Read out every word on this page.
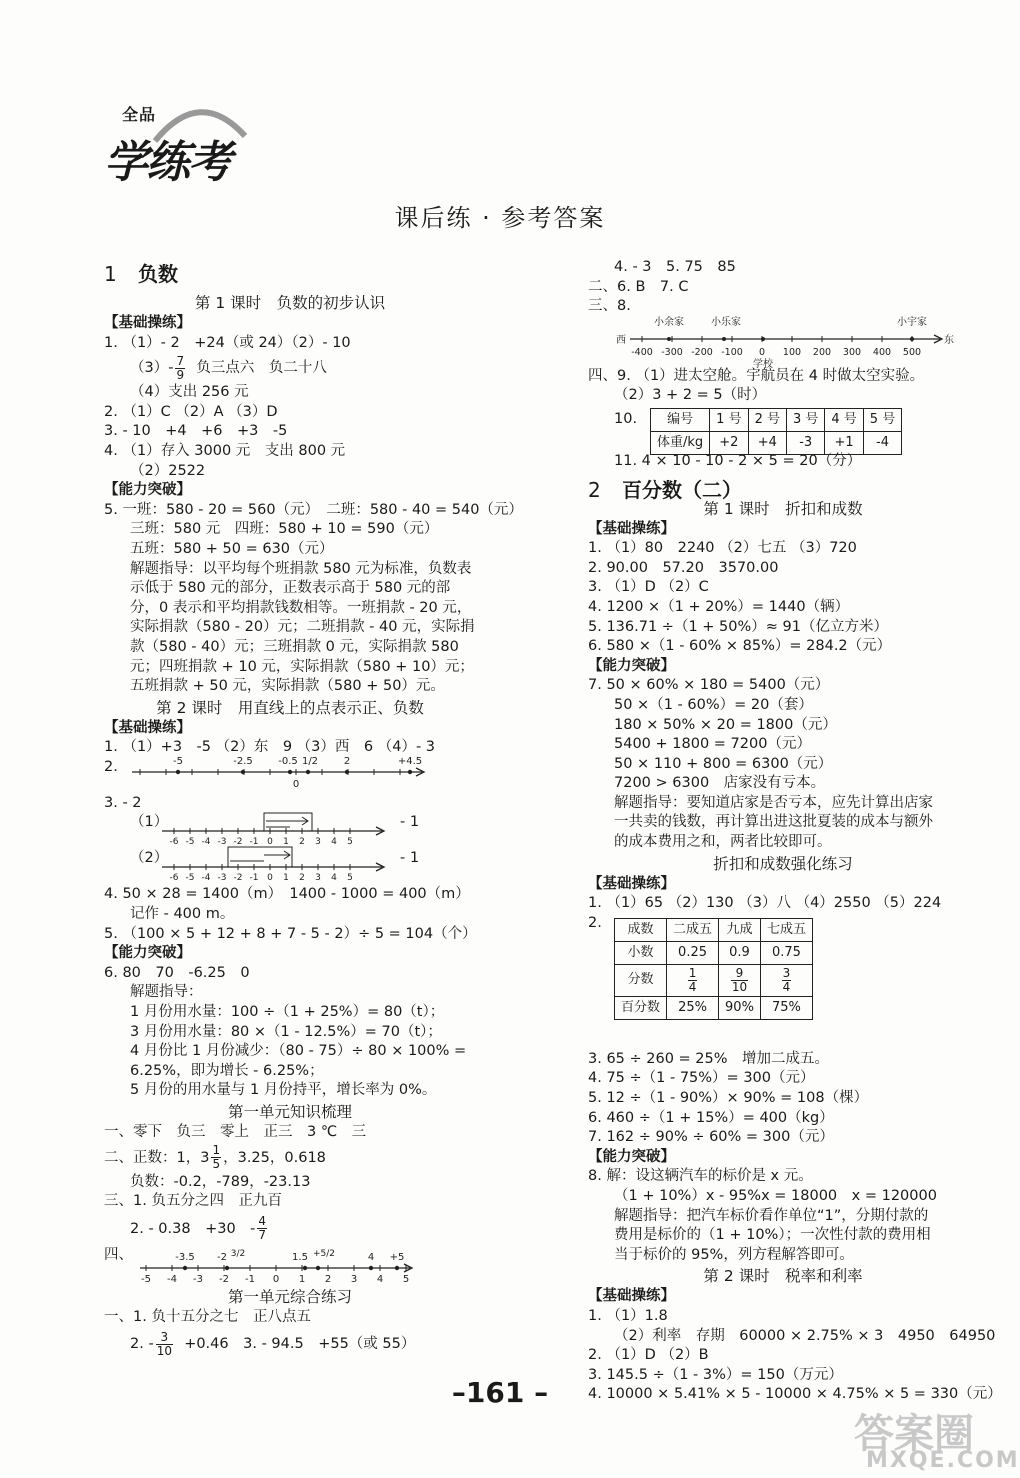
全品
学练考
课后练 · 参考答案
1 负数
第 1 课时　负数的初步认识
【基础操练】
1. （1）- 2　+24（或 24）（2）- 10
$(3)- \frac{7}{9}$ 负三点六　负二十八
（4）支出 256 元
2. （1）C （2）A （3）D
3. - 10　+4　+6　+3　-5
4. （1）存入 3000 元　支出 800 元
（2）2522
【能力突破】
5. 一班：580 - 20 = 560（元）　二班：580 - 40 = 540（元）
三班：580 元　四班：580 + 10 = 590（元）
五班：580 + 50 = 630（元）
解题指导：以平均每个班捐款 580 元为标准，负数表示低于 580 元的部分，正数表示高于 580 元的部分，0 表示和平均捐款钱数相等。一班捐款 - 20 元，实际捐款（580 - 20）元；二班捐款 - 40 元，实际捐款（580 - 40）元；三班捐款 0 元，实际捐款 580 元；四班捐款 + 10 元，实际捐款（580 + 10）元；五班捐款 + 50 元，实际捐款（580 + 50）元。
第 2 课时　用直线上的点表示正、负数
【基础操练】
1. （1）+3　-5 （2）东　9 （3）西　6 （4）- 3
2.	-5	-2.5	-0.5 1/2	2	+4.5
0
3. - 2
（1）
-6 -5 -4 -3 -2 -1 0 1 2 3 4 5
- 1
（2）
-6 -5 -4 -3 -2 -1 0 1 2 3 4 5
- 1
4. 50 × 28 = 1400（m）　1400 - 1000 = 400（m）
记作 - 400 m。
5. （100 × 5 + 12 + 8 + 7 - 5 - 2）÷ 5 = 104（个）
【能力突破】
6. 80　70　-6.25　0
解题指导：
1 月份用水量：100 ÷（1 + 25%）= 80（t）；
3 月份用水量：80 ×（1 - 12.5%）= 70（t）；
4 月份比 1 月份减少：（80 - 75）÷ 80 × 100% =
6.25%，即为增长 - 6.25%；
5 月份的用水量与 1 月份持平，增长率为 0%。
第一单元知识梳理
一、零下　负三　零上　正三　3 ℃　三
二、正数：1，$3 \frac{1}{5}$ ，3.25，0.618
负数：-0.2，-789，-23.13
三、1. 负五分之四　正九百
2. - 0.38　+30　- $\frac{4}{7}$
四、	-3.5 -2 3/2	1.5 +5/2	4 +5
-5 -4 -3 -2 -1 0 1 2 3 4 5
第一单元综合练习
一、1. 负十五分之七　正八点五
2. - $\frac{3}{10} +0.46$　3. - 94.5　+55（或 55）
4. - 3　5. 75　85
二、6. B　7. C
三、8.
西	东
小余家	小乐家
学校
小宇家
-400 -300 -200 -100 0 100 200 300 400 500
四、9. （1）进太空舱。宇航员在 4 时做太空实验。
（2）3 + 2 = 5（时）
10. 编号	1 号	2 号	3 号	4 号	5 号
体重/kg	+2	+4	-3	+1	-4
11. 4 × 10 - 10 - 2 × 5 = 20（分）
2 百分数（二）
第 1 课时　折扣和成数
【基础操练】
1. （1）80　2240 （2）七五 （3）720
2. 90.00　57.20　3570.00
3. （1）D （2）C
4. 1200 ×（1 + 20%）= 1440（辆）
5. 136.71 ÷（1 + 50%）≈ 91（亿立方米）
6. 580 ×（1 - 60% × 85%）= 284.2（元）
【能力突破】
7. 50 × 60% × 180 = 5400（元）
50 ×（1 - 60%）= 20（套）
180 × 50% × 20 = 1800（元）
5400 + 1800 = 7200（元）
50 × 110 + 800 = 6300（元）
7200 > 6300　店家没有亏本。
解题指导：要知道店家是否亏本，应先计算出店家一共卖的钱数，再计算出进这批夏装的成本与额外的成本费用之和，两者比较即可。
折扣和成数强化练习
【基础操练】
1. （1）65 （2）130 （3）八 （4）2550 （5）224
2. 成数	二成五	九成	七成五
小数	0.25	0.9	0.75
分数	$\frac{1}{4}$	$\frac{9}{10}$	$\frac{3}{4}$

百分数	25%	90%	75%
3. 65 ÷ 260 = 25%　增加二成五。
4. 75 ÷（1 - 75%）= 300（元）
5. 12 ÷（1 - 90%）× 90% = 108（棵）
6. 460 ÷（1 + 15%）= 400（kg）
7. 162 ÷ 90% ÷ 60% = 300（元）
【能力突破】
8. 解：设这辆汽车的标价是 x 元。
（1 + 10%）x - 95%x = 18000　x = 120000
解题指导：把汽车标价看作单位“1”，分期付款的费用是标价的（1 + 10%）；一次性付款的费用相当于标价的 95%，列方程解答即可。
第 2 课时　税率和利率
【基础操练】
1. （1）1.8
（2）利率　存期　60000 × 2.75% × 3　4950　64950
2. （1）D （2）B
3. 145.5 ÷（1 - 3%）= 150（万元）
4. 10000 × 5.41% × 5 - 10000 × 4.75% × 5 = 330（元）
–161 –
答案圈
MXQE.COM
